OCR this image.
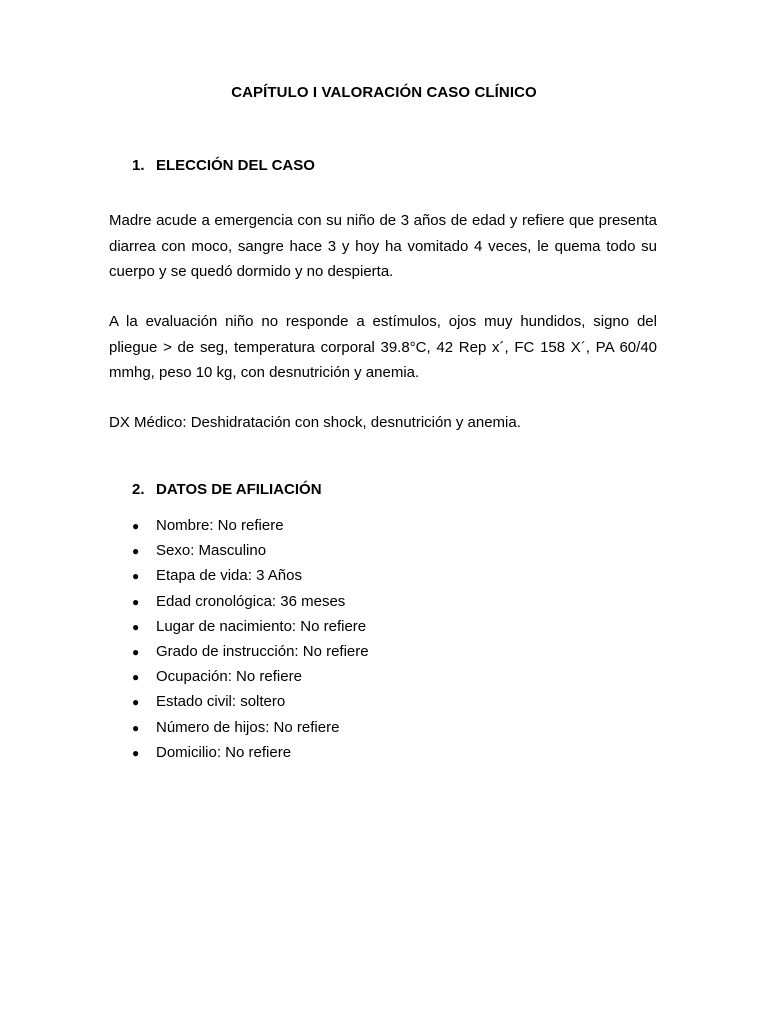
CAPÍTULO I VALORACIÓN CASO CLÍNICO
1. ELECCIÓN DEL CASO

Madre acude a emergencia con su niño de 3 años de edad y refiere que presenta diarrea con moco, sangre hace 3 y hoy ha vomitado 4 veces, le quema todo su cuerpo y se quedó dormido y no despierta.

A la evaluación niño no responde a estímulos, ojos muy hundidos, signo del pliegue > de seg, temperatura corporal 39.8°C, 42 Rep x´, FC 158 X´, PA 60/40 mmhg, peso 10 kg, con desnutrición y anemia.

DX Médico: Deshidratación con shock, desnutrición y anemia.

2. DATOS DE AFILIACIÓN
● Nombre: No refiere
● Sexo: Masculino
● Etapa de vida: 3 Años
● Edad cronológica: 36 meses
● Lugar de nacimiento: No refiere
● Grado de instrucción: No refiere
● Ocupación: No refiere
● Estado civil: soltero
● Número de hijos: No refiere
● Domicilio: No refiere
